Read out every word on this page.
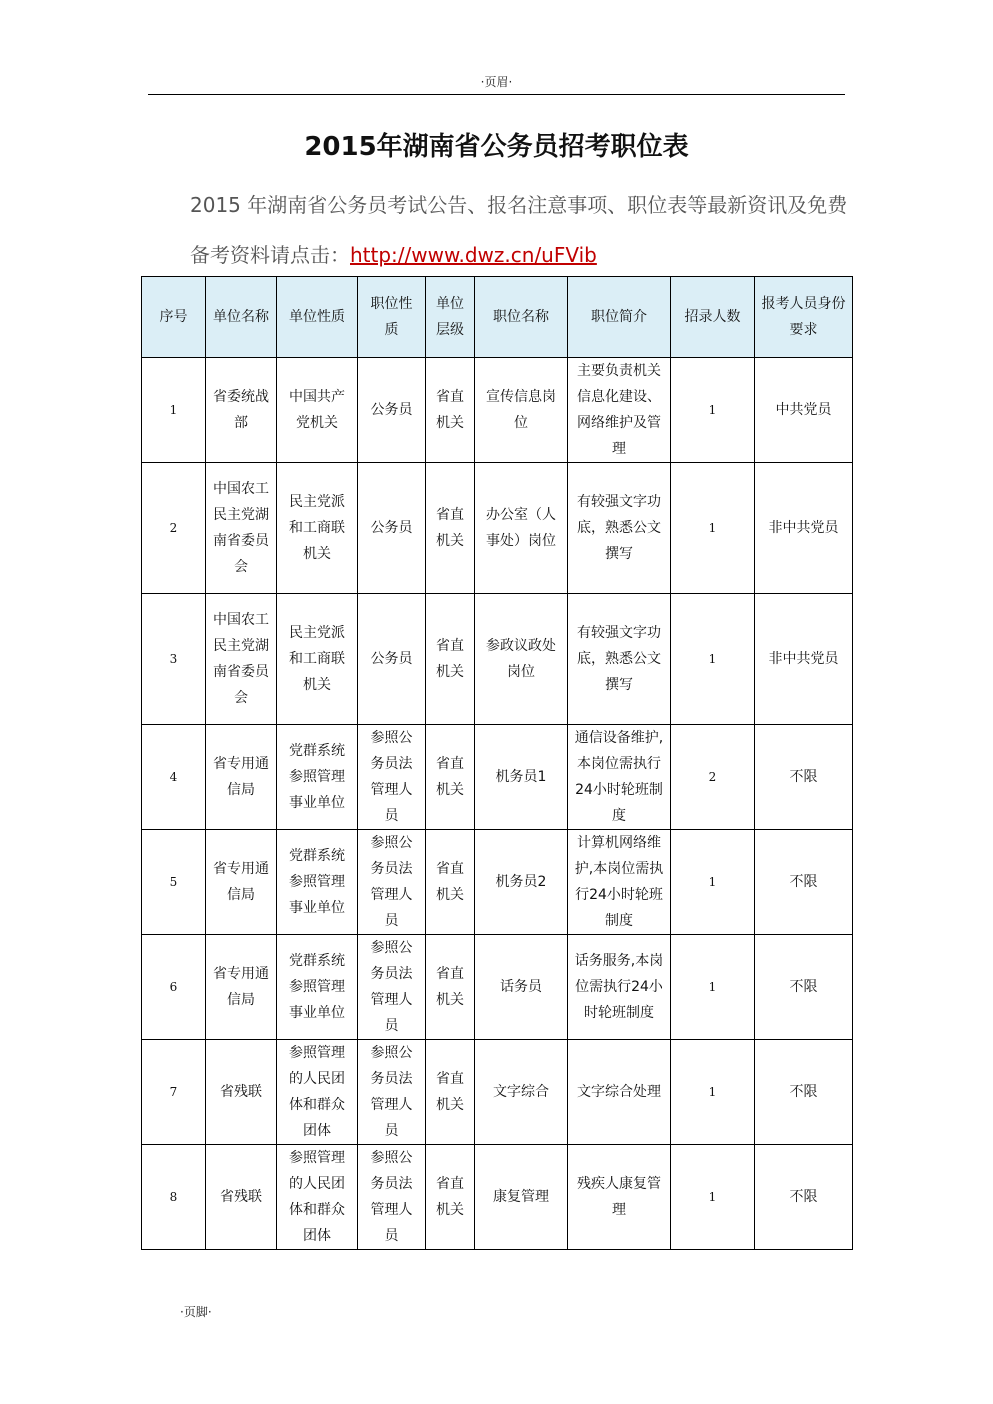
·页眉·
2015年湖南省公务员招考职位表
2015 年湖南省公务员考试公告、报名注意事项、职位表等最新资讯及免费
备考资料请点击：http://www.dwz.cn/uFVib
序号	单位名称	单位性质	职位性质	单位层级	职位名称	职位简介	招录人数	报考人员身份要求
1	省委统战部	中国共产党机关	公务员	省直机关	宣传信息岗位	主要负责机关信息化建设、网络维护及管理	1	中共党员
2	中国农工民主党湖南省委员会	民主党派和工商联机关	公务员	省直机关	办公室（人事处）岗位	有较强文字功底，熟悉公文撰写	1	非中共党员
3	中国农工民主党湖南省委员会	民主党派和工商联机关	公务员	省直机关	参政议政处岗位	有较强文字功底，熟悉公文撰写	1	非中共党员
4	省专用通信局	党群系统参照管理事业单位	参照公务员法管理人员	省直机关	机务员1	通信设备维护,本岗位需执行24小时轮班制度	2	不限
5	省专用通信局	党群系统参照管理事业单位	参照公务员法管理人员	省直机关	机务员2	计算机网络维护,本岗位需执行24小时轮班制度	1	不限
6	省专用通信局	党群系统参照管理事业单位	参照公务员法管理人员	省直机关	话务员	话务服务,本岗位需执行24小时轮班制度	1	不限
7	省残联	参照管理的人民团体和群众团体	参照公务员法管理人员	省直机关	文字综合	文字综合处理	1	不限
8	省残联	参照管理的人民团体和群众团体	参照公务员法管理人员	省直机关	康复管理	残疾人康复管理	1	不限
·页脚·
